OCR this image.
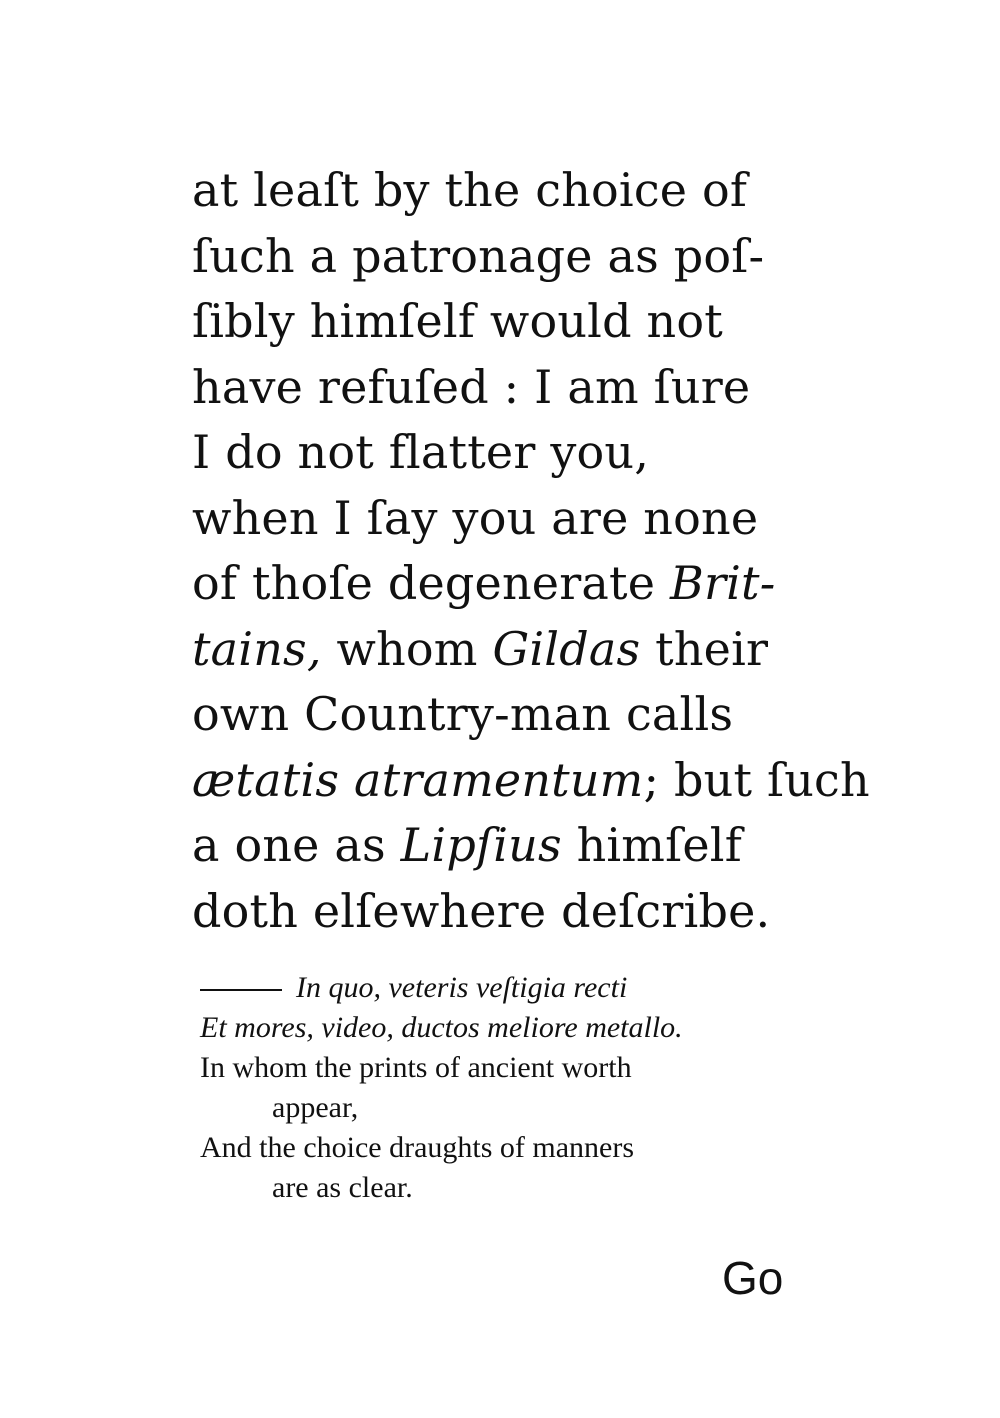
at leaſt by the choice of
ſuch a patronage as poſ-
ſibly himſelf would not
have refuſed : I am ſure
I do not flatter you,
when I ſay you are none
of thoſe degenerate Brit-
tains, whom Gildas their
own Country-man calls
ætatis atramentum; but ſuch
a one as Lipſius himſelf
doth elſewhere deſcribe.
In quo, veteris veſtigia recti
Et mores, video, ductos meliore metallo.
In whom the prints of ancient worth
appear,
And the choice draughts of manners
are as clear.
Go
